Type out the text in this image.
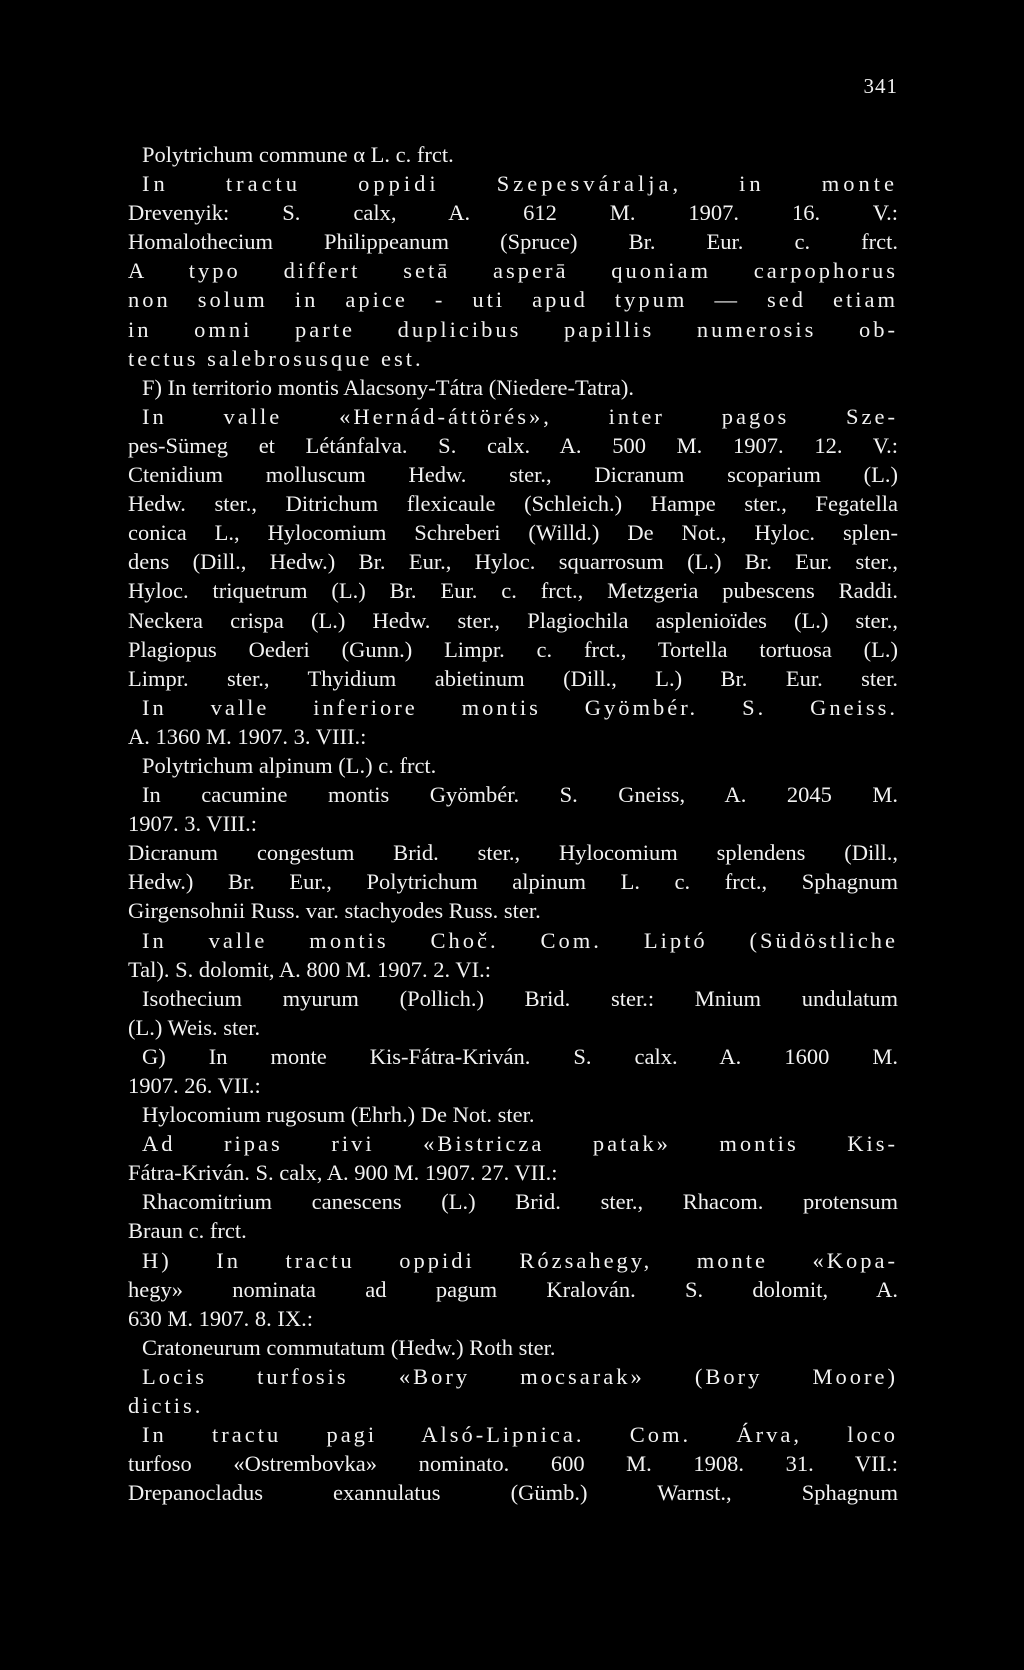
341
Polytrichum commune α L. c. frct.
In tractu oppidi Szepesváralja, in monte
Drevenyik: S. calx, A. 612 M. 1907. 16. V.:
Homalothecium Philippeanum (Spruce) Br. Eur. c. frct.
A typo differt setā asperā quoniam carpophorus
non solum in apice - uti apud typum — sed etiam
in omni parte duplicibus papillis numerosis ob-
tectus salebrosusque est.
F) In territorio montis Alacsony-Tátra (Niedere-Tatra).
In valle «Hernád-áttörés», inter pagos Sze-
pes-Sümeg et Létánfalva. S. calx. A. 500 M. 1907. 12. V.:
Ctenidium molluscum Hedw. ster., Dicranum scoparium (L.)
Hedw. ster., Ditrichum flexicaule (Schleich.) Hampe ster., Fegatella
conica L., Hylocomium Schreberi (Willd.) De Not., Hyloc. splen-
dens (Dill., Hedw.) Br. Eur., Hyloc. squarrosum (L.) Br. Eur. ster.,
Hyloc. triquetrum (L.) Br. Eur. c. frct., Metzgeria pubescens Raddi.
Neckera crispa (L.) Hedw. ster., Plagiochila asplenioïdes (L.) ster.,
Plagiopus Oederi (Gunn.) Limpr. c. frct., Tortella tortuosa (L.)
Limpr. ster., Thyidium abietinum (Dill., L.) Br. Eur. ster.
In valle inferiore montis Gyömbér. S. Gneiss.
A. 1360 M. 1907. 3. VIII.:
Polytrichum alpinum (L.) c. frct.
In cacumine montis Gyömbér. S. Gneiss, A. 2045 M.
1907. 3. VIII.:
Dicranum congestum Brid. ster., Hylocomium splendens (Dill.,
Hedw.) Br. Eur., Polytrichum alpinum L. c. frct., Sphagnum
Girgensohnii Russ. var. stachyodes Russ. ster.
In valle montis Choč. Com. Liptó (Südöstliche
Tal). S. dolomit, A. 800 M. 1907. 2. VI.:
Isothecium myurum (Pollich.) Brid. ster.: Mnium undulatum
(L.) Weis. ster.
G) In monte Kis-Fátra-Kriván. S. calx. A. 1600 M.
1907. 26. VII.:
Hylocomium rugosum (Ehrh.) De Not. ster.
Ad ripas rivi «Bistricza patak» montis Kis-
Fátra-Kriván. S. calx, A. 900 M. 1907. 27. VII.:
Rhacomitrium canescens (L.) Brid. ster., Rhacom. protensum
Braun c. frct.
H) In tractu oppidi Rózsahegy, monte «Kopa-
hegy» nominata ad pagum Kralován. S. dolomit, A.
630 M. 1907. 8. IX.:
Cratoneurum commutatum (Hedw.) Roth ster.
Locis turfosis «Bory mocsarak» (Bory Moore)
dictis.
In tractu pagi Alsó-Lipnica. Com. Árva, loco
turfoso «Ostrembovka» nominato. 600 M. 1908. 31. VII.:
Drepanocladus exannulatus (Gümb.) Warnst., Sphagnum
